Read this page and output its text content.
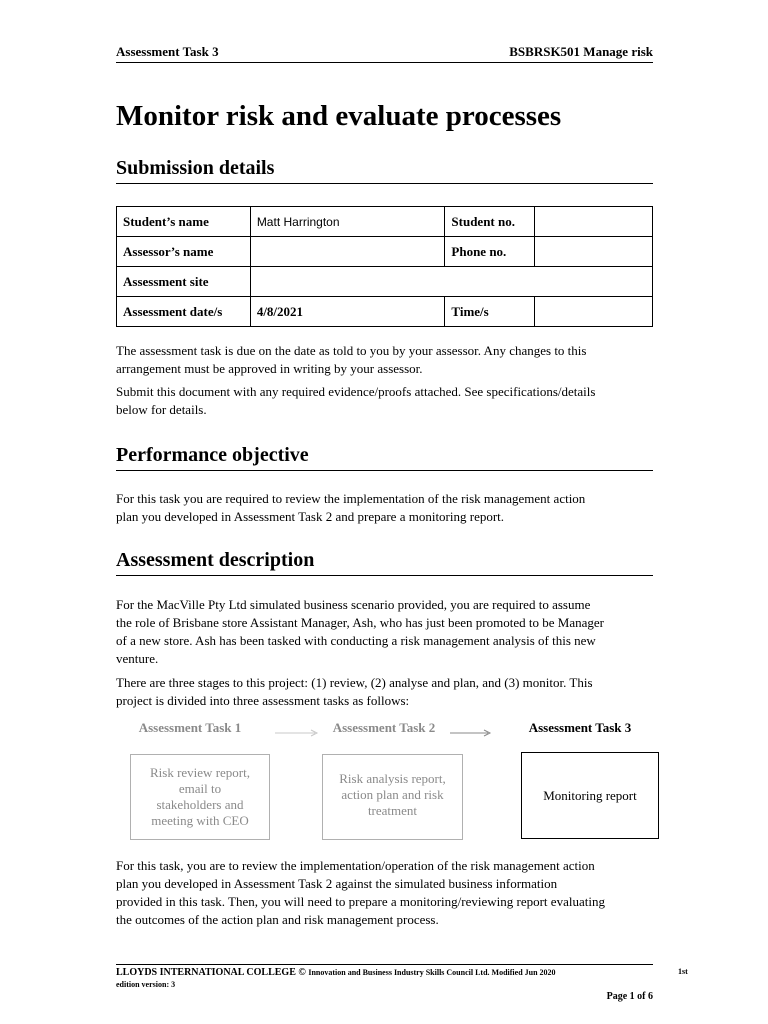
Assessment Task 3	BSBRSK501 Manage risk
Monitor risk and evaluate processes
Submission details
Student’s name	Matt Harrington	Student no.	
Assessor’s name		Phone no.	
Assessment site			
Assessment date/s	4/8/2021	Time/s	
The assessment task is due on the date as told to you by your assessor. Any changes to this
arrangement must be approved in writing by your assessor.
Submit this document with any required evidence/proofs attached. See specifications/details
below for details.
Performance objective
For this task you are required to review the implementation of the risk management action
plan you developed in Assessment Task 2 and prepare a monitoring report.
Assessment description
For the MacVille Pty Ltd simulated business scenario provided, you are required to assume
the role of Brisbane store Assistant Manager, Ash, who has just been promoted to be Manager
of a new store. Ash has been tasked with conducting a risk management analysis of this new
venture.
There are three stages to this project: (1) review, (2) analyse and plan, and (3) monitor. This
project is divided into three assessment tasks as follows:
Assessment Task 1	Assessment Task 2	Assessment Task 3
Risk review report,
email to
stakeholders and
meeting with CEO
Risk analysis report,
action plan and risk
treatment
Monitoring report
For this task, you are to review the implementation/operation of the risk management action
plan you developed in Assessment Task 2 against the simulated business information
provided in this task. Then, you will need to prepare a monitoring/reviewing report evaluating
the outcomes of the action plan and risk management process.
LLOYDS INTERNATIONAL COLLEGE © Innovation and Business Industry Skills Council Ltd. Modified Jun 2020	1st
edition version: 3
Page 1 of 6
